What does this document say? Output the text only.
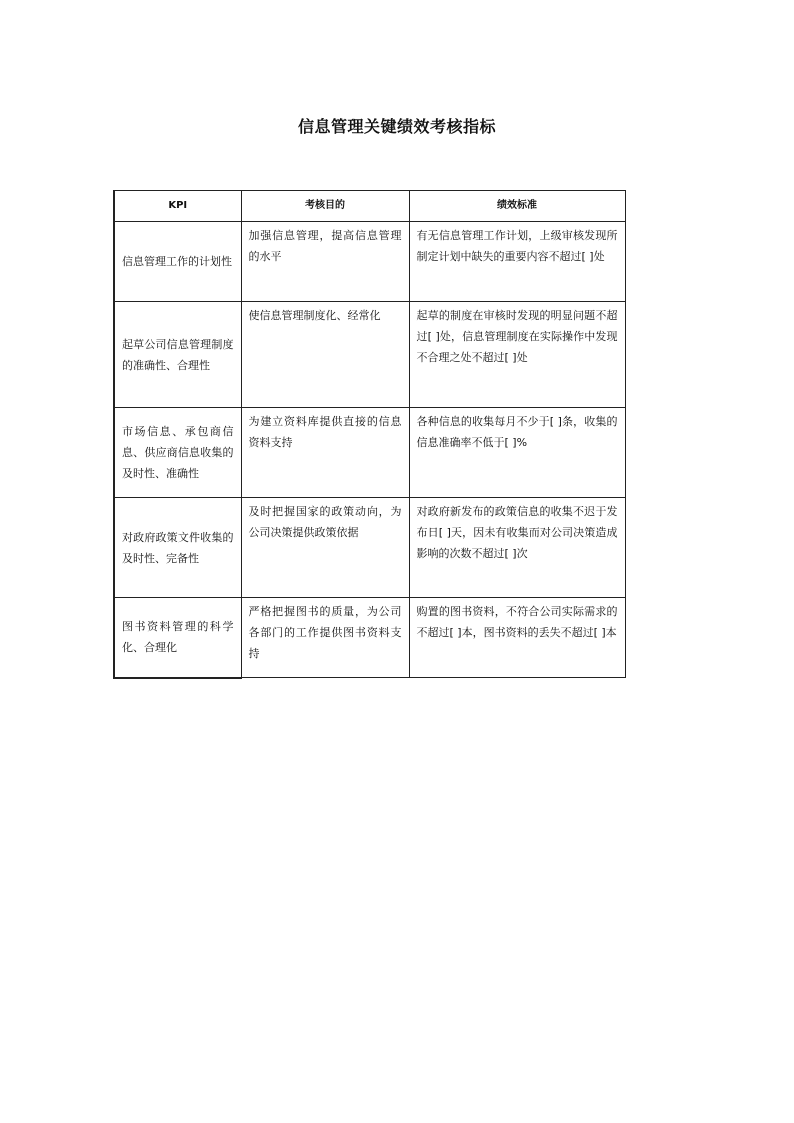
信息管理关键绩效考核指标
KPI	考核目的	绩效标准
信息管理工作的计划性	加强信息管理，提高信息管理的水平	有无信息管理工作计划，上级审核发现所制定计划中缺失的重要内容不超过[ ]处
起草公司信息管理制度的准确性、合理性	使信息管理制度化、经常化	起草的制度在审核时发现的明显问题不超过[ ]处，信息管理制度在实际操作中发现不合理之处不超过[ ]处
市场信息、承包商信息、供应商信息收集的及时性、准确性	为建立资料库提供直接的信息资料支持	各种信息的收集每月不少于[ ]条，收集的信息准确率不低于[ ]%
对政府政策文件收集的及时性、完备性	及时把握国家的政策动向，为公司决策提供政策依据	对政府新发布的政策信息的收集不迟于发布日[ ]天，因未有收集而对公司决策造成影响的次数不超过[ ]次
图书资料管理的科学化、合理化	严格把握图书的质量，为公司各部门的工作提供图书资料支持	购置的图书资料，不符合公司实际需求的不超过[ ]本，图书资料的丢失不超过[ ]本
